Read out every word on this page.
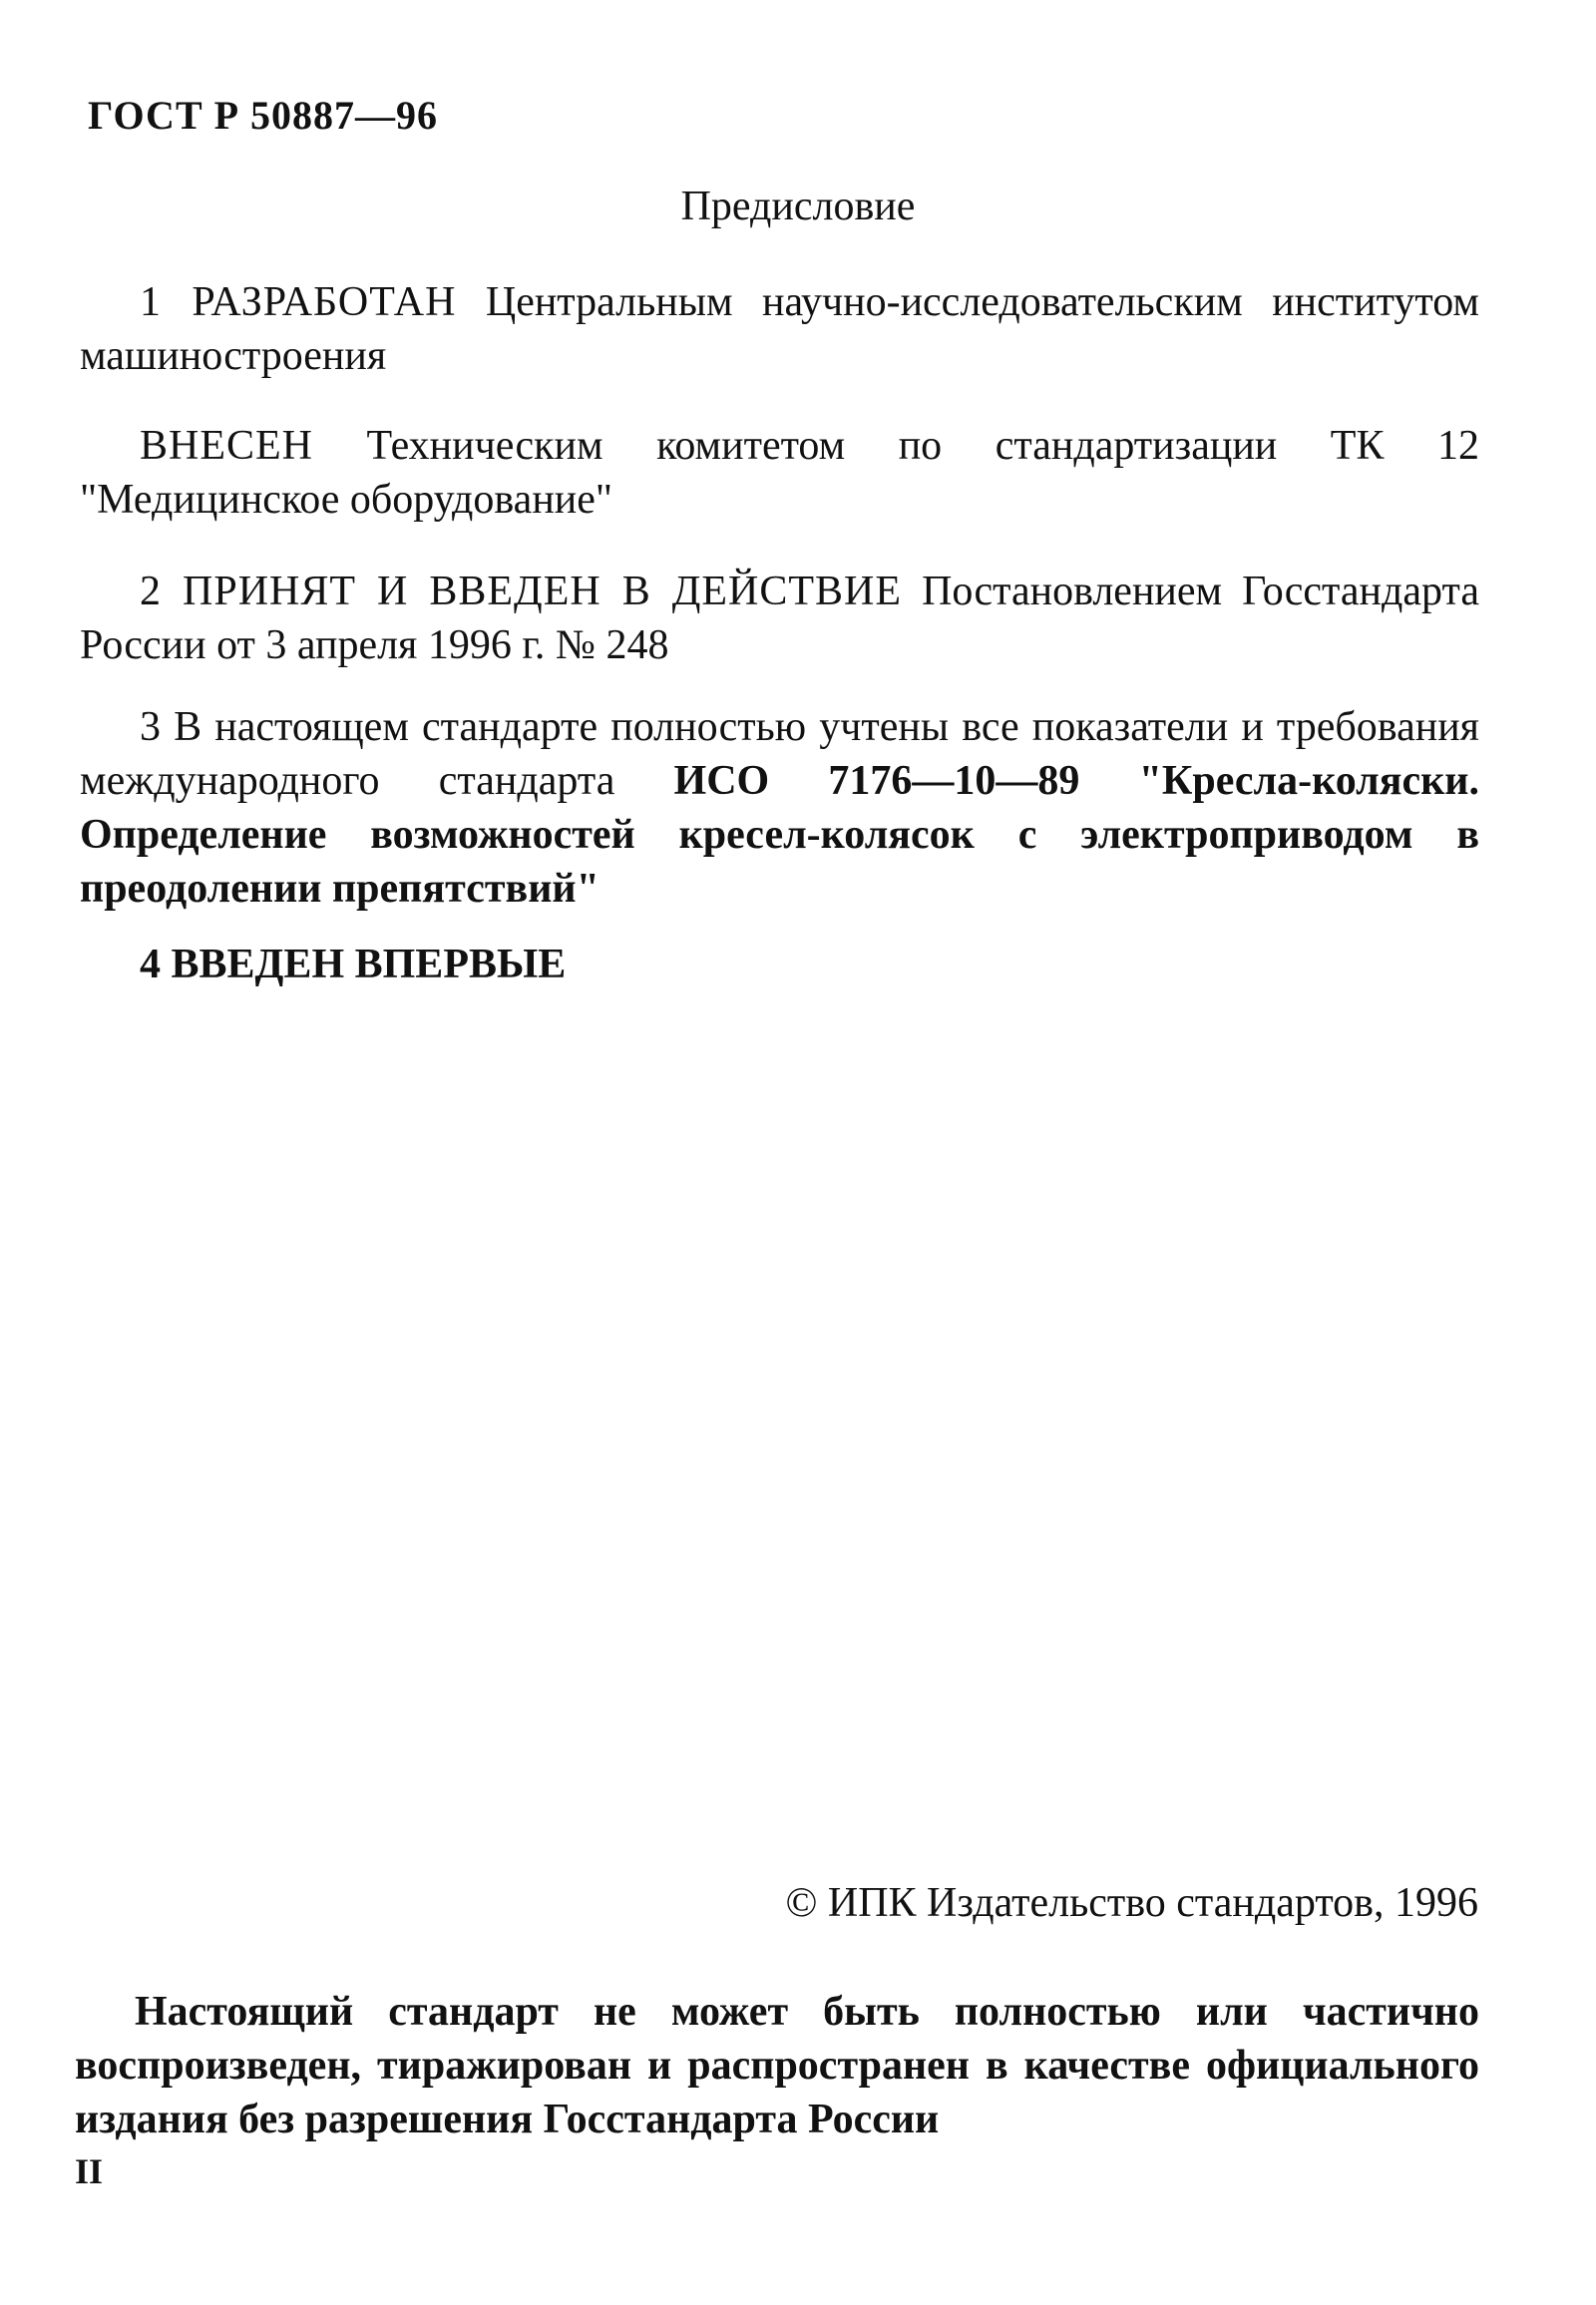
ГОСТ Р 50887—96
Предисловие

1 РАЗРАБОТАН Центральным научно-исследовательским институтом машиностроения

ВНЕСЕН Техническим комитетом по стандартизации ТК 12 "Медицинское оборудование"

2 ПРИНЯТ И ВВЕДЕН В ДЕЙСТВИЕ Постановлением Госстандарта России от 3 апреля 1996 г. № 248

3 В настоящем стандарте полностью учтены все показатели и требования международного стандарта ИСО 7176—10—89 "Кресла-коляски. Определение возможностей кресел-колясок с электроприводом в преодолении препятствий"

4 ВВЕДЕН ВПЕРВЫЕ

© ИПК Издательство стандартов, 1996

Настоящий стандарт не может быть полностью или частично воспроизведен, тиражирован и распространен в качестве официального издания без разрешения Госстандарта России

II
